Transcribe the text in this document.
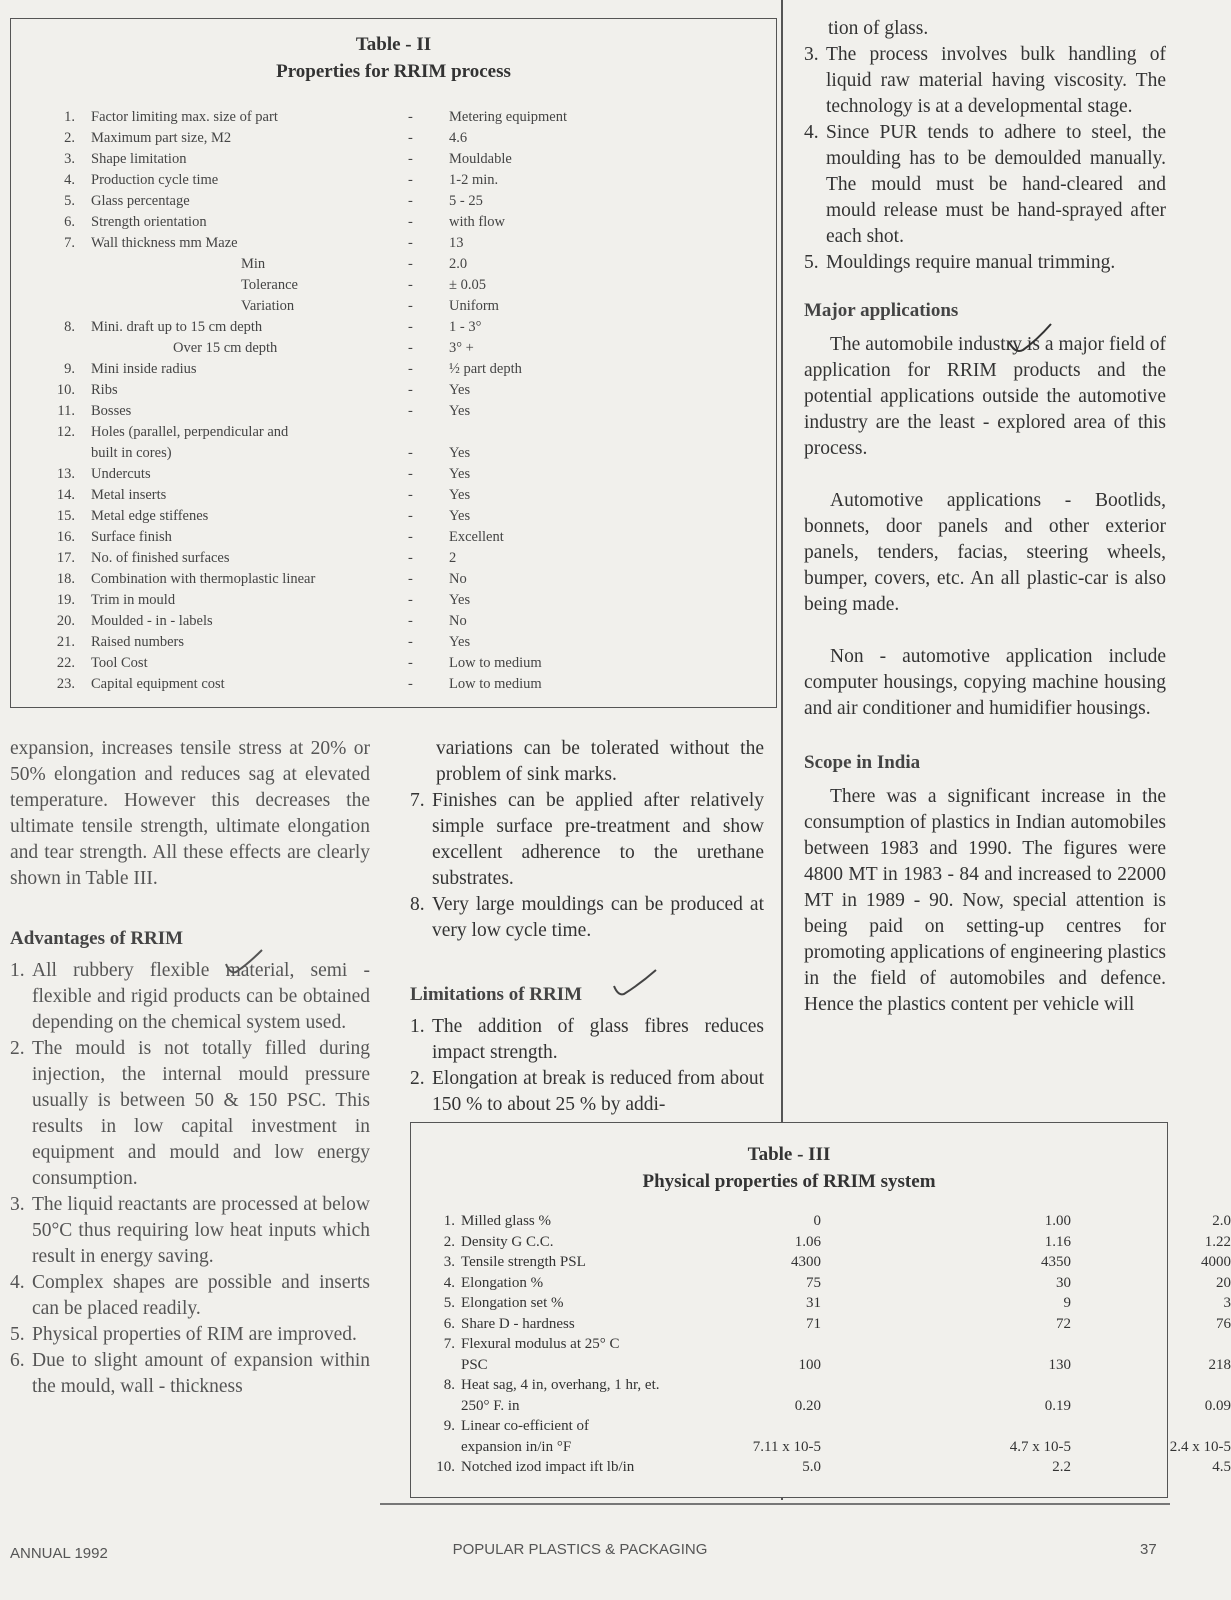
Table - II
Properties for RRIM process
1. Factor limiting max. size of part	- Metering equipment
2. Maximum part size, M2	- 4.6
3. Shape limitation	- Mouldable
4. Production cycle time	- 1-2 min.
5. Glass percentage	- 5 - 25
6. Strength orientation	- with flow
7. Wall thickness mm Maze	- 13
Min	- 2.0
Tolerance	- ± 0.05
Variation	- Uniform
8. Mini. draft up to 15 cm depth	- 1 - 3°
Over 15 cm depth	- 3° +
9. Mini inside radius	- ½ part depth
10. Ribs	- Yes
11. Bosses	- Yes
12. Holes (parallel, perpendicular and
built in cores)	- Yes
13. Undercuts	- Yes
14. Metal inserts	- Yes
15. Metal edge stiffenes	- Yes
16. Surface finish	- Excellent
17. No. of finished surfaces	- 2
18. Combination with thermoplastic linear	- No
19. Trim in mould	- Yes
20. Moulded - in - labels	- No
21. Raised numbers	- Yes
22. Tool Cost	- Low to medium
23. Capital equipment cost	- Low to medium

tion of glass.

3. The process involves bulk handling of liquid raw material having viscosity. The technology is at a developmental stage.
4. Since PUR tends to adhere to steel, the moulding has to be demoulded manually. The mould must be hand-cleared and mould release must be hand-sprayed after each shot.
5. Mouldings require manual trimming.

Major applications

The automobile industry is a major field of application for RRIM products and the potential applications outside the automotive industry are the least - explored area of this process.

Automotive applications - Bootlids, bonnets, door panels and other exterior panels, tenders, facias, steering wheels, bumper, covers, etc. An all plastic-car is also being made.

Non - automotive application include computer housings, copying machine housing and air conditioner and humidifier housings.

Scope in India

There was a significant increase in the consumption of plastics in Indian automobiles between 1983 and 1990. The figures were 4800 MT in 1983 - 84 and increased to 22000 MT in 1989 - 90. Now, special attention is being paid on setting-up centres for promoting applications of engineering plastics in the field of automobiles and defence. Hence the plastics content per vehicle will

expansion, increases tensile stress at 20% or 50% elongation and reduces sag at elevated temperature. However this decreases the ultimate tensile strength, ultimate elongation and tear strength. All these effects are clearly shown in Table III.

Advantages of RRIM

1. All rubbery flexible material, semi - flexible and rigid products can be obtained depending on the chemical system used.
2. The mould is not totally filled during injection, the internal mould pressure usually is between 50 & 150 PSC. This results in low capital investment in equipment and mould and low energy consumption.
3. The liquid reactants are processed at below 50°C thus requiring low heat inputs which result in energy saving.
4. Complex shapes are possible and inserts can be placed readily.
5. Physical properties of RIM are improved.
6. Due to slight amount of expansion within the mould, wall - thickness

variations can be tolerated without the problem of sink marks.

7. Finishes can be applied after relatively simple surface pre-treatment and show excellent adherence to the urethane substrates.
8. Very large mouldings can be produced at very low cycle time.

Limitations of RRIM

1. The addition of glass fibres reduces impact strength.
2. Elongation at break is reduced from about 150 % to about 25 % by addi-
Table - III
Physical properties of RRIM system
1. Milled glass %	0	1.00	2.0
2. Density G C.C.	1.06	1.16	1.22
3. Tensile strength PSL	4300	4350	4000
4. Elongation %	75	30	20
5. Elongation set %	31	9	3
6. Share D - hardness	71	72	76
7. Flexural modulus at 25° C
PSC	100	130	218
8. Heat sag, 4 in, overhang, 1 hr, et.
250° F. in	0.20	0.19	0.09
9. Linear co-efficient of
expansion in/in °F	7.11 x 10-5	4.7 x 10-5	2.4 x 10-5
10. Notched izod impact ift lb/in	5.0	2.2	4.5
ANNUAL 1992	POPULAR PLASTICS & PACKAGING	37
